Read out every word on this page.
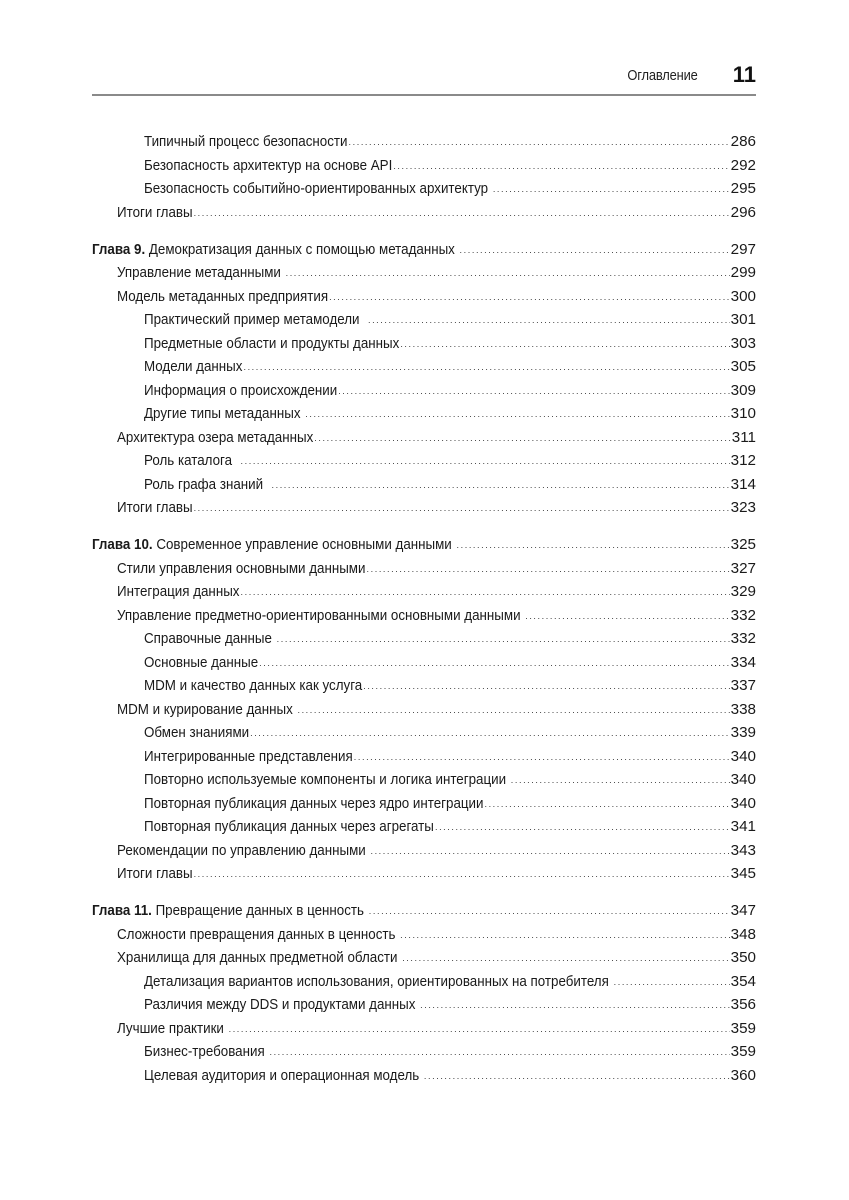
Оглавление 11
Типичный процесс безопасности .....	286
Безопасность архитектур на основе API .....	292
Безопасность событийно-ориентированных архитектур .....	295
Итоги главы .....	296
Глава 9. Демократизация данных с помощью метаданных .....	297
Управление метаданными .....	299
Модель метаданных предприятия .....	300
Практический пример метамодели .....	301
Предметные области и продукты данных .....	303
Модели данных .....	305
Информация о происхождении .....	309
Другие типы метаданных .....	310
Архитектура озера метаданных .....	311
Роль каталога .....	312
Роль графа знаний .....	314
Итоги главы .....	323
Глава 10. Современное управление основными данными .....	325
Стили управления основными данными .....	327
Интеграция данных .....	329
Управление предметно-ориентированными основными данными .....	332
Справочные данные .....	332
Основные данные .....	334
MDM и качество данных как услуга .....	337
MDM и курирование данных .....	338
Обмен знаниями .....	339
Интегрированные представления .....	340
Повторно используемые компоненты и логика интеграции .....	340
Повторная публикация данных через ядро интеграции .....	340
Повторная публикация данных через агрегаты .....	341
Рекомендации по управлению данными .....	343
Итоги главы .....	345
Глава 11. Превращение данных в ценность .....	347
Сложности превращения данных в ценность .....	348
Хранилища для данных предметной области .....	350
Детализация вариантов использования, ориентированных на потребителя .....	354
Различия между DDS и продуктами данных .....	356
Лучшие практики .....	359
Бизнес-требования .....	359
Целевая аудитория и операционная модель .....	360
